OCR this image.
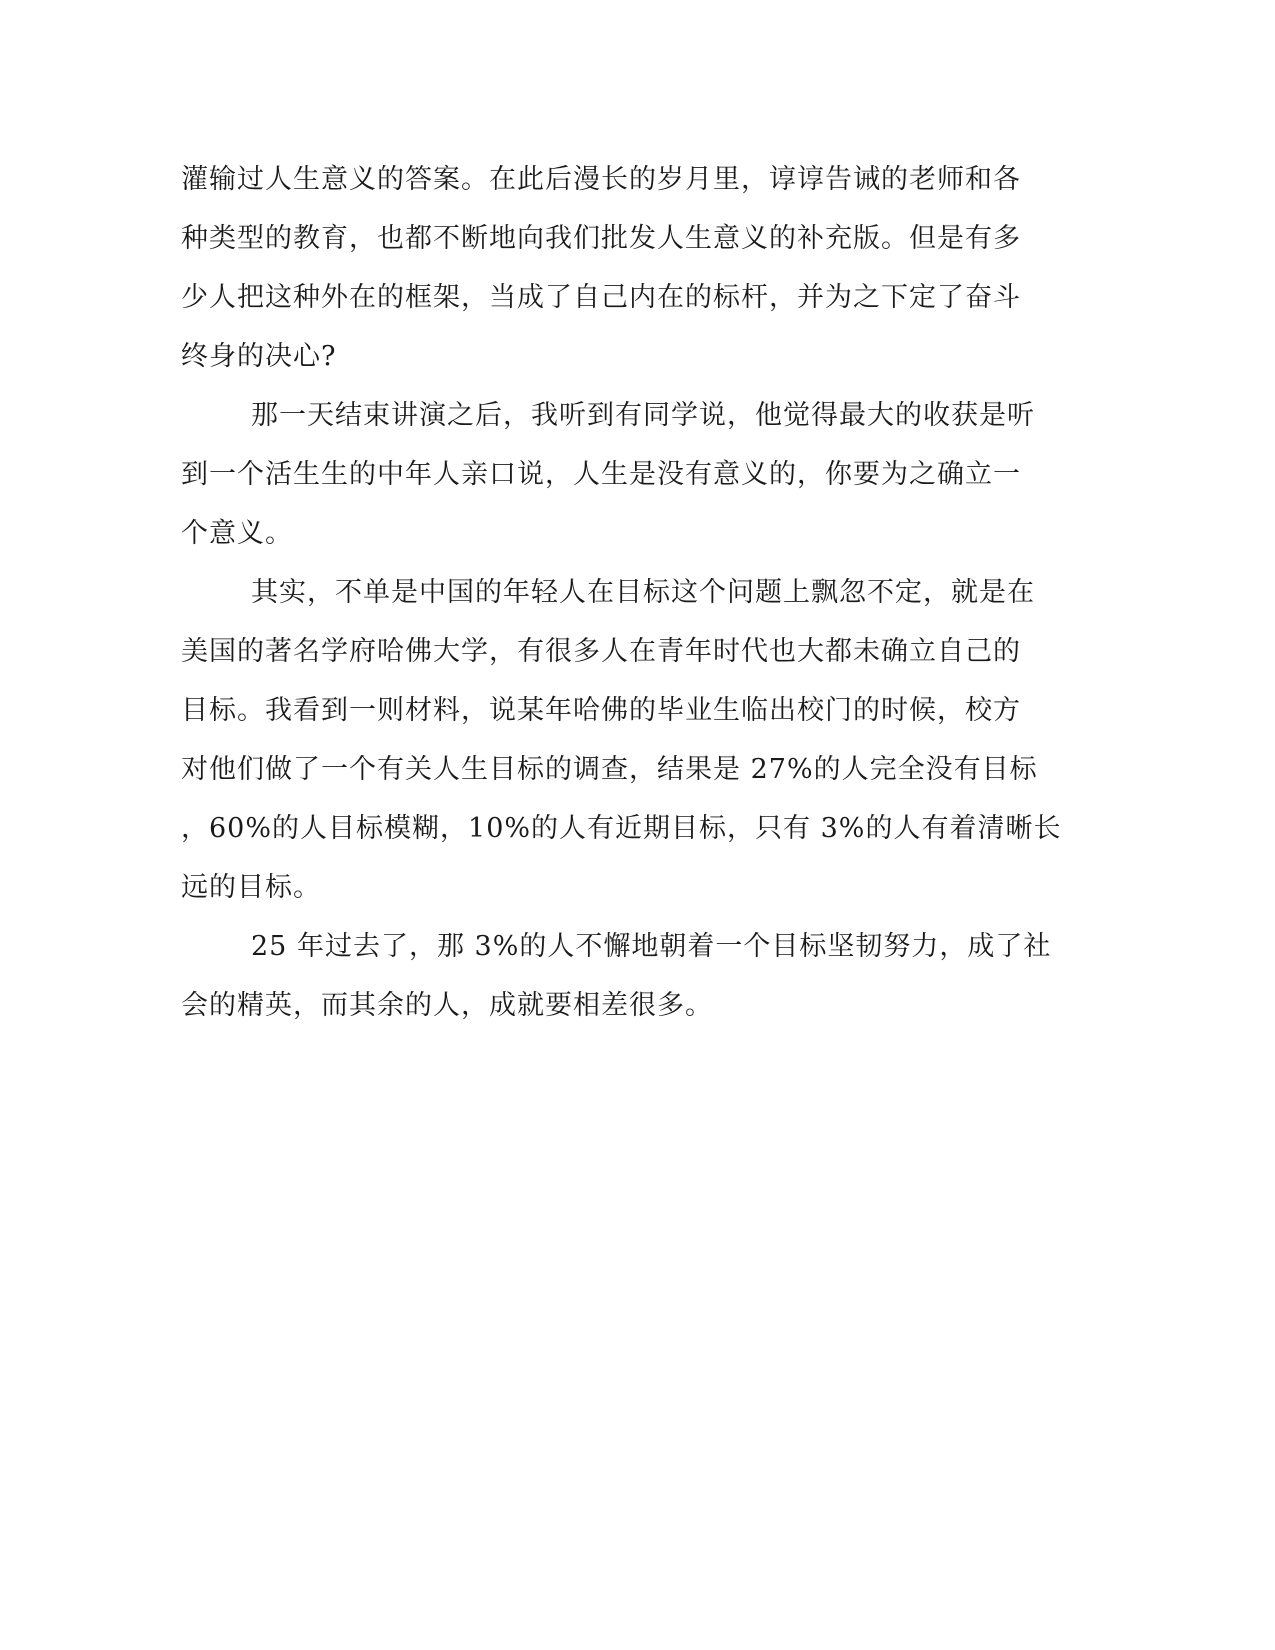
灌输过人生意义的答案。在此后漫长的岁月里，谆谆告诫的老师和各
种类型的教育，也都不断地向我们批发人生意义的补充版。但是有多
少人把这种外在的框架，当成了自己内在的标杆，并为之下定了奋斗
终身的决心?
那一天结束讲演之后，我听到有同学说，他觉得最大的收获是听
到一个活生生的中年人亲口说，人生是没有意义的，你要为之确立一
个意义。
其实，不单是中国的年轻人在目标这个问题上飘忽不定，就是在
美国的著名学府哈佛大学，有很多人在青年时代也大都未确立自己的
目标。我看到一则材料，说某年哈佛的毕业生临出校门的时候，校方
对他们做了一个有关人生目标的调查，结果是 27%的人完全没有目标
，60%的人目标模糊，10%的人有近期目标，只有 3%的人有着清晰长
远的目标。
25 年过去了，那 3%的人不懈地朝着一个目标坚韧努力，成了社
会的精英，而其余的人，成就要相差很多。
